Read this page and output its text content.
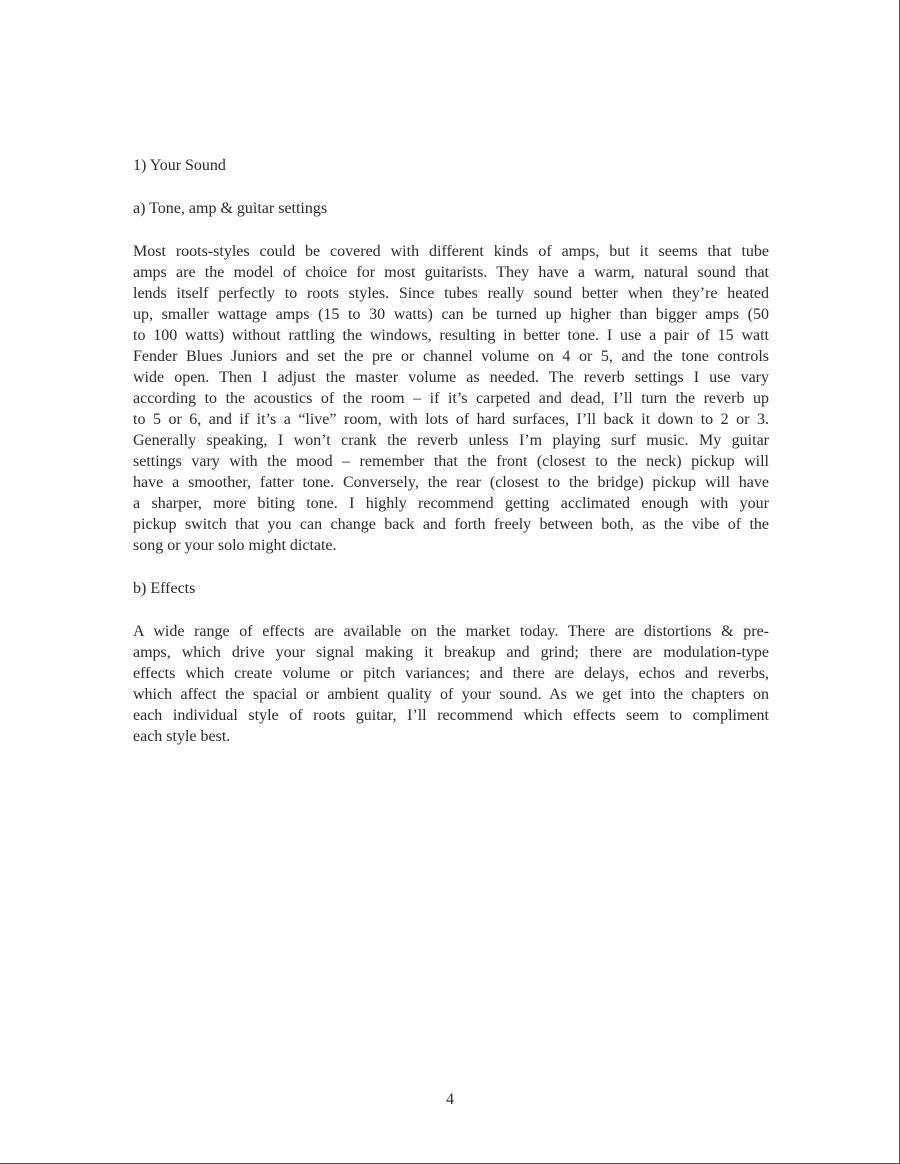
1) Your Sound

a) Tone, amp & guitar settings

Most roots-styles could be covered with different kinds of amps, but it seems that tube
amps are the model of choice for most guitarists. They have a warm, natural sound that
lends itself perfectly to roots styles. Since tubes really sound better when they’re heated
up, smaller wattage amps (15 to 30 watts) can be turned up higher than bigger amps (50
to 100 watts) without rattling the windows, resulting in better tone. I use a pair of 15 watt
Fender Blues Juniors and set the pre or channel volume on 4 or 5, and the tone controls
wide open. Then I adjust the master volume as needed. The reverb settings I use vary
according to the acoustics of the room – if it’s carpeted and dead, I’ll turn the reverb up
to 5 or 6, and if it’s a “live” room, with lots of hard surfaces, I’ll back it down to 2 or 3.
Generally speaking, I won’t crank the reverb unless I’m playing surf music. My guitar
settings vary with the mood – remember that the front (closest to the neck) pickup will
have a smoother, fatter tone. Conversely, the rear (closest to the bridge) pickup will have
a sharper, more biting tone. I highly recommend getting acclimated enough with your
pickup switch that you can change back and forth freely between both, as the vibe of the
song or your solo might dictate.

b) Effects

A wide range of effects are available on the market today. There are distortions & pre-
amps, which drive your signal making it breakup and grind; there are modulation-type
effects which create volume or pitch variances; and there are delays, echos and reverbs,
which affect the spacial or ambient quality of your sound. As we get into the chapters on
each individual style of roots guitar, I’ll recommend which effects seem to compliment
each style best.
4
